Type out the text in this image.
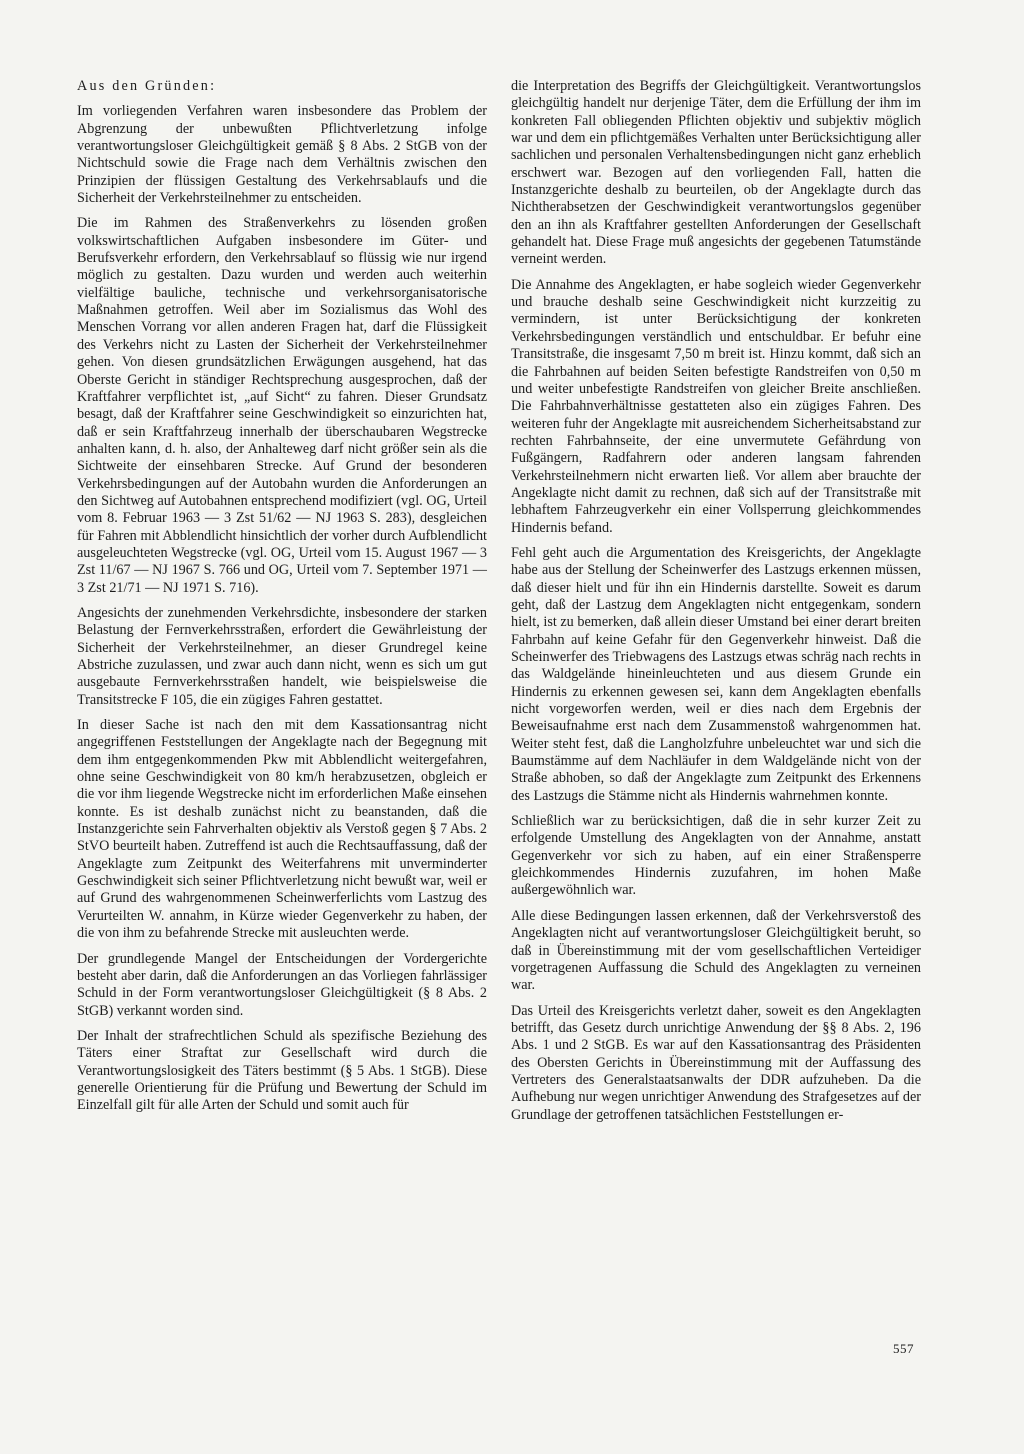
Aus den Gründen:

Im vorliegenden Verfahren waren insbesondere das Problem der Abgrenzung der unbewußten Pflichtverletzung infolge verantwortungsloser Gleichgültigkeit gemäß § 8 Abs. 2 StGB von der Nichtschuld sowie die Frage nach dem Verhältnis zwischen den Prinzipien der flüssigen Gestaltung des Verkehrsablaufs und die Sicherheit der Verkehrsteilnehmer zu entscheiden.

Die im Rahmen des Straßenverkehrs zu lösenden großen volkswirtschaftlichen Aufgaben insbesondere im Güter- und Berufsverkehr erfordern, den Verkehrsablauf so flüssig wie nur irgend möglich zu gestalten. Dazu wurden und werden auch weiterhin vielfältige bauliche, technische und verkehrsorganisatorische Maßnahmen getroffen. Weil aber im Sozialismus das Wohl des Menschen Vorrang vor allen anderen Fragen hat, darf die Flüssigkeit des Verkehrs nicht zu Lasten der Sicherheit der Verkehrsteilnehmer gehen. Von diesen grundsätzlichen Erwägungen ausgehend, hat das Oberste Gericht in ständiger Rechtsprechung ausgesprochen, daß der Kraftfahrer verpflichtet ist, „auf Sicht“ zu fahren. Dieser Grundsatz besagt, daß der Kraftfahrer seine Geschwindigkeit so einzurichten hat, daß er sein Kraftfahrzeug innerhalb der überschaubaren Wegstrecke anhalten kann, d. h. also, der Anhalteweg darf nicht größer sein als die Sichtweite der einsehbaren Strecke. Auf Grund der besonderen Verkehrsbedingungen auf der Autobahn wurden die Anforderungen an den Sichtweg auf Autobahnen entsprechend modifiziert (vgl. OG, Urteil vom 8. Februar 1963 — 3 Zst 51/62 — NJ 1963 S. 283), desgleichen für Fahren mit Abblendlicht hinsichtlich der vorher durch Aufblendlicht ausgeleuchteten Wegstrecke (vgl. OG, Urteil vom 15. August 1967 — 3 Zst 11/67 — NJ 1967 S. 766 und OG, Urteil vom 7. September 1971 — 3 Zst 21/71 — NJ 1971 S. 716).

Angesichts der zunehmenden Verkehrsdichte, insbesondere der starken Belastung der Fernverkehrsstraßen, erfordert die Gewährleistung der Sicherheit der Verkehrsteilnehmer, an dieser Grundregel keine Abstriche zuzulassen, und zwar auch dann nicht, wenn es sich um gut ausgebaute Fernverkehrsstraßen handelt, wie beispielsweise die Transitstrecke F 105, die ein zügiges Fahren gestattet.

In dieser Sache ist nach den mit dem Kassationsantrag nicht angegriffenen Feststellungen der Angeklagte nach der Begegnung mit dem ihm entgegenkommenden Pkw mit Abblendlicht weitergefahren, ohne seine Geschwindigkeit von 80 km/h herabzusetzen, obgleich er die vor ihm liegende Wegstrecke nicht im erforderlichen Maße einsehen konnte. Es ist deshalb zunächst nicht zu beanstanden, daß die Instanzgerichte sein Fahrverhalten objektiv als Verstoß gegen § 7 Abs. 2 StVO beurteilt haben. Zutreffend ist auch die Rechtsauffassung, daß der Angeklagte zum Zeitpunkt des Weiterfahrens mit unverminderter Geschwindigkeit sich seiner Pflichtverletzung nicht bewußt war, weil er auf Grund des wahrgenommenen Scheinwerferlichts vom Lastzug des Verurteilten W. annahm, in Kürze wieder Gegenverkehr zu haben, der die von ihm zu befahrende Strecke mit ausleuchten werde.

Der grundlegende Mangel der Entscheidungen der Vordergerichte besteht aber darin, daß die Anforderungen an das Vorliegen fahrlässiger Schuld in der Form verantwortungsloser Gleichgültigkeit (§ 8 Abs. 2 StGB) verkannt worden sind.

Der Inhalt der strafrechtlichen Schuld als spezifische Beziehung des Täters einer Straftat zur Gesellschaft wird durch die Verantwortungslosigkeit des Täters bestimmt (§ 5 Abs. 1 StGB). Diese generelle Orientierung für die Prüfung und Bewertung der Schuld im Einzelfall gilt für alle Arten der Schuld und somit auch für

die Interpretation des Begriffs der Gleichgültigkeit. Verantwortungslos gleichgültig handelt nur derjenige Täter, dem die Erfüllung der ihm im konkreten Fall obliegenden Pflichten objektiv und subjektiv möglich war und dem ein pflichtgemäßes Verhalten unter Berücksichtigung aller sachlichen und personalen Verhaltensbedingungen nicht ganz erheblich erschwert war. Bezogen auf den vorliegenden Fall, hatten die Instanzgerichte deshalb zu beurteilen, ob der Angeklagte durch das Nichtherabsetzen der Geschwindigkeit verantwortungslos gegenüber den an ihn als Kraftfahrer gestellten Anforderungen der Gesellschaft gehandelt hat. Diese Frage muß angesichts der gegebenen Tatumstände verneint werden.

Die Annahme des Angeklagten, er habe sogleich wieder Gegenverkehr und brauche deshalb seine Geschwindigkeit nicht kurzzeitig zu vermindern, ist unter Berücksichtigung der konkreten Verkehrsbedingungen verständlich und entschuldbar. Er befuhr eine Transitstraße, die insgesamt 7,50 m breit ist. Hinzu kommt, daß sich an die Fahrbahnen auf beiden Seiten befestigte Randstreifen von 0,50 m und weiter unbefestigte Randstreifen von gleicher Breite anschließen. Die Fahrbahnverhältnisse gestatteten also ein zügiges Fahren. Des weiteren fuhr der Angeklagte mit ausreichendem Sicherheitsabstand zur rechten Fahrbahnseite, der eine unvermutete Gefährdung von Fußgängern, Radfahrern oder anderen langsam fahrenden Verkehrsteilnehmern nicht erwarten ließ. Vor allem aber brauchte der Angeklagte nicht damit zu rechnen, daß sich auf der Transitstraße mit lebhaftem Fahrzeugverkehr ein einer Vollsperrung gleichkommendes Hindernis befand.

Fehl geht auch die Argumentation des Kreisgerichts, der Angeklagte habe aus der Stellung der Scheinwerfer des Lastzugs erkennen müssen, daß dieser hielt und für ihn ein Hindernis darstellte. Soweit es darum geht, daß der Lastzug dem Angeklagten nicht entgegenkam, sondern hielt, ist zu bemerken, daß allein dieser Umstand bei einer derart breiten Fahrbahn auf keine Gefahr für den Gegenverkehr hinweist. Daß die Scheinwerfer des Triebwagens des Lastzugs etwas schräg nach rechts in das Waldgelände hineinleuchteten und aus diesem Grunde ein Hindernis zu erkennen gewesen sei, kann dem Angeklagten ebenfalls nicht vorgeworfen werden, weil er dies nach dem Ergebnis der Beweisaufnahme erst nach dem Zusammenstoß wahrgenommen hat. Weiter steht fest, daß die Langholzfuhre unbeleuchtet war und sich die Baumstämme auf dem Nachläufer in dem Waldgelände nicht von der Straße abhoben, so daß der Angeklagte zum Zeitpunkt des Erkennens des Lastzugs die Stämme nicht als Hindernis wahrnehmen konnte.

Schließlich war zu berücksichtigen, daß die in sehr kurzer Zeit zu erfolgende Umstellung des Angeklagten von der Annahme, anstatt Gegenverkehr vor sich zu haben, auf ein einer Straßensperre gleichkommendes Hindernis zuzufahren, im hohen Maße außergewöhnlich war.

Alle diese Bedingungen lassen erkennen, daß der Verkehrsverstoß des Angeklagten nicht auf verantwortungsloser Gleichgültigkeit beruht, so daß in Übereinstimmung mit der vom gesellschaftlichen Verteidiger vorgetragenen Auffassung die Schuld des Angeklagten zu verneinen war.

Das Urteil des Kreisgerichts verletzt daher, soweit es den Angeklagten betrifft, das Gesetz durch unrichtige Anwendung der §§ 8 Abs. 2, 196 Abs. 1 und 2 StGB. Es war auf den Kassationsantrag des Präsidenten des Obersten Gerichts in Übereinstimmung mit der Auffassung des Vertreters des Generalstaatsanwalts der DDR aufzuheben. Da die Aufhebung nur wegen unrichtiger Anwendung des Strafgesetzes auf der Grundlage der getroffenen tatsächlichen Feststellungen er-

557
